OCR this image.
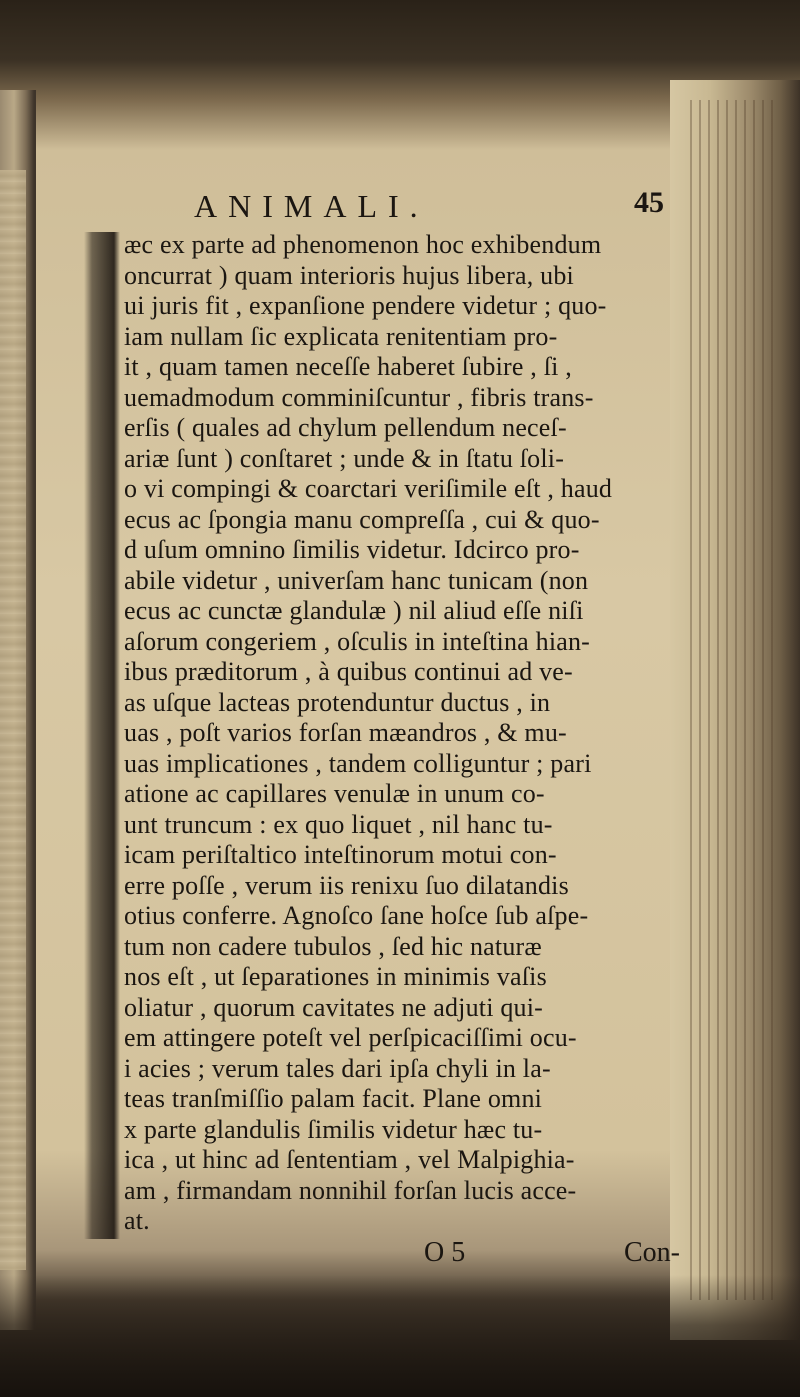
ANIMALI.	45
æc ex parte ad phenomenon hoc exhibendum
oncurrat ) quam interioris hujus libera, ubi
ui juris fit , expanſione pendere videtur ; quo-
iam nullam ſic explicata renitentiam pro-
it , quam tamen neceſſe haberet ſubire , ſi ,
uemadmodum comminiſcuntur , fibris trans-
erſis ( quales ad chylum pellendum neceſ-
ariæ ſunt ) conſtaret ; unde & in ſtatu ſoli-
o vi compingi & coarctari veriſimile eſt , haud
ecus ac ſpongia manu compreſſa , cui & quo-
d uſum omnino ſimilis videtur. Idcirco pro-
abile videtur , univerſam hanc tunicam (non
ecus ac cunctæ glandulæ ) nil aliud eſſe niſi
aſorum congeriem , oſculis in inteſtina hian-
ibus præditorum , à quibus continui ad ve-
as uſque lacteas protenduntur ductus , in
uas , poſt varios forſan mæandros , & mu-
uas implicationes , tandem colliguntur ; pari
atione ac capillares venulæ in unum co-
unt truncum : ex quo liquet , nil hanc tu-
icam periſtaltico inteſtinorum motui con-
erre poſſe , verum iis renixu ſuo dilatandis
otius conferre. Agnoſco ſane hoſce ſub aſpe-
tum non cadere tubulos , ſed hic naturæ
nos eſt , ut ſeparationes in minimis vaſis
oliatur , quorum cavitates ne adjuti qui-
em attingere poteſt vel perſpicaciſſimi ocu-
i acies ; verum tales dari ipſa chyli in la-
teas tranſmiſſio palam facit. Plane omni
x parte glandulis ſimilis videtur hæc tu-
ica , ut hinc ad ſententiam , vel Malpighia-
am , firmandam nonnihil forſan lucis acce-
at.
O 5	Con-
